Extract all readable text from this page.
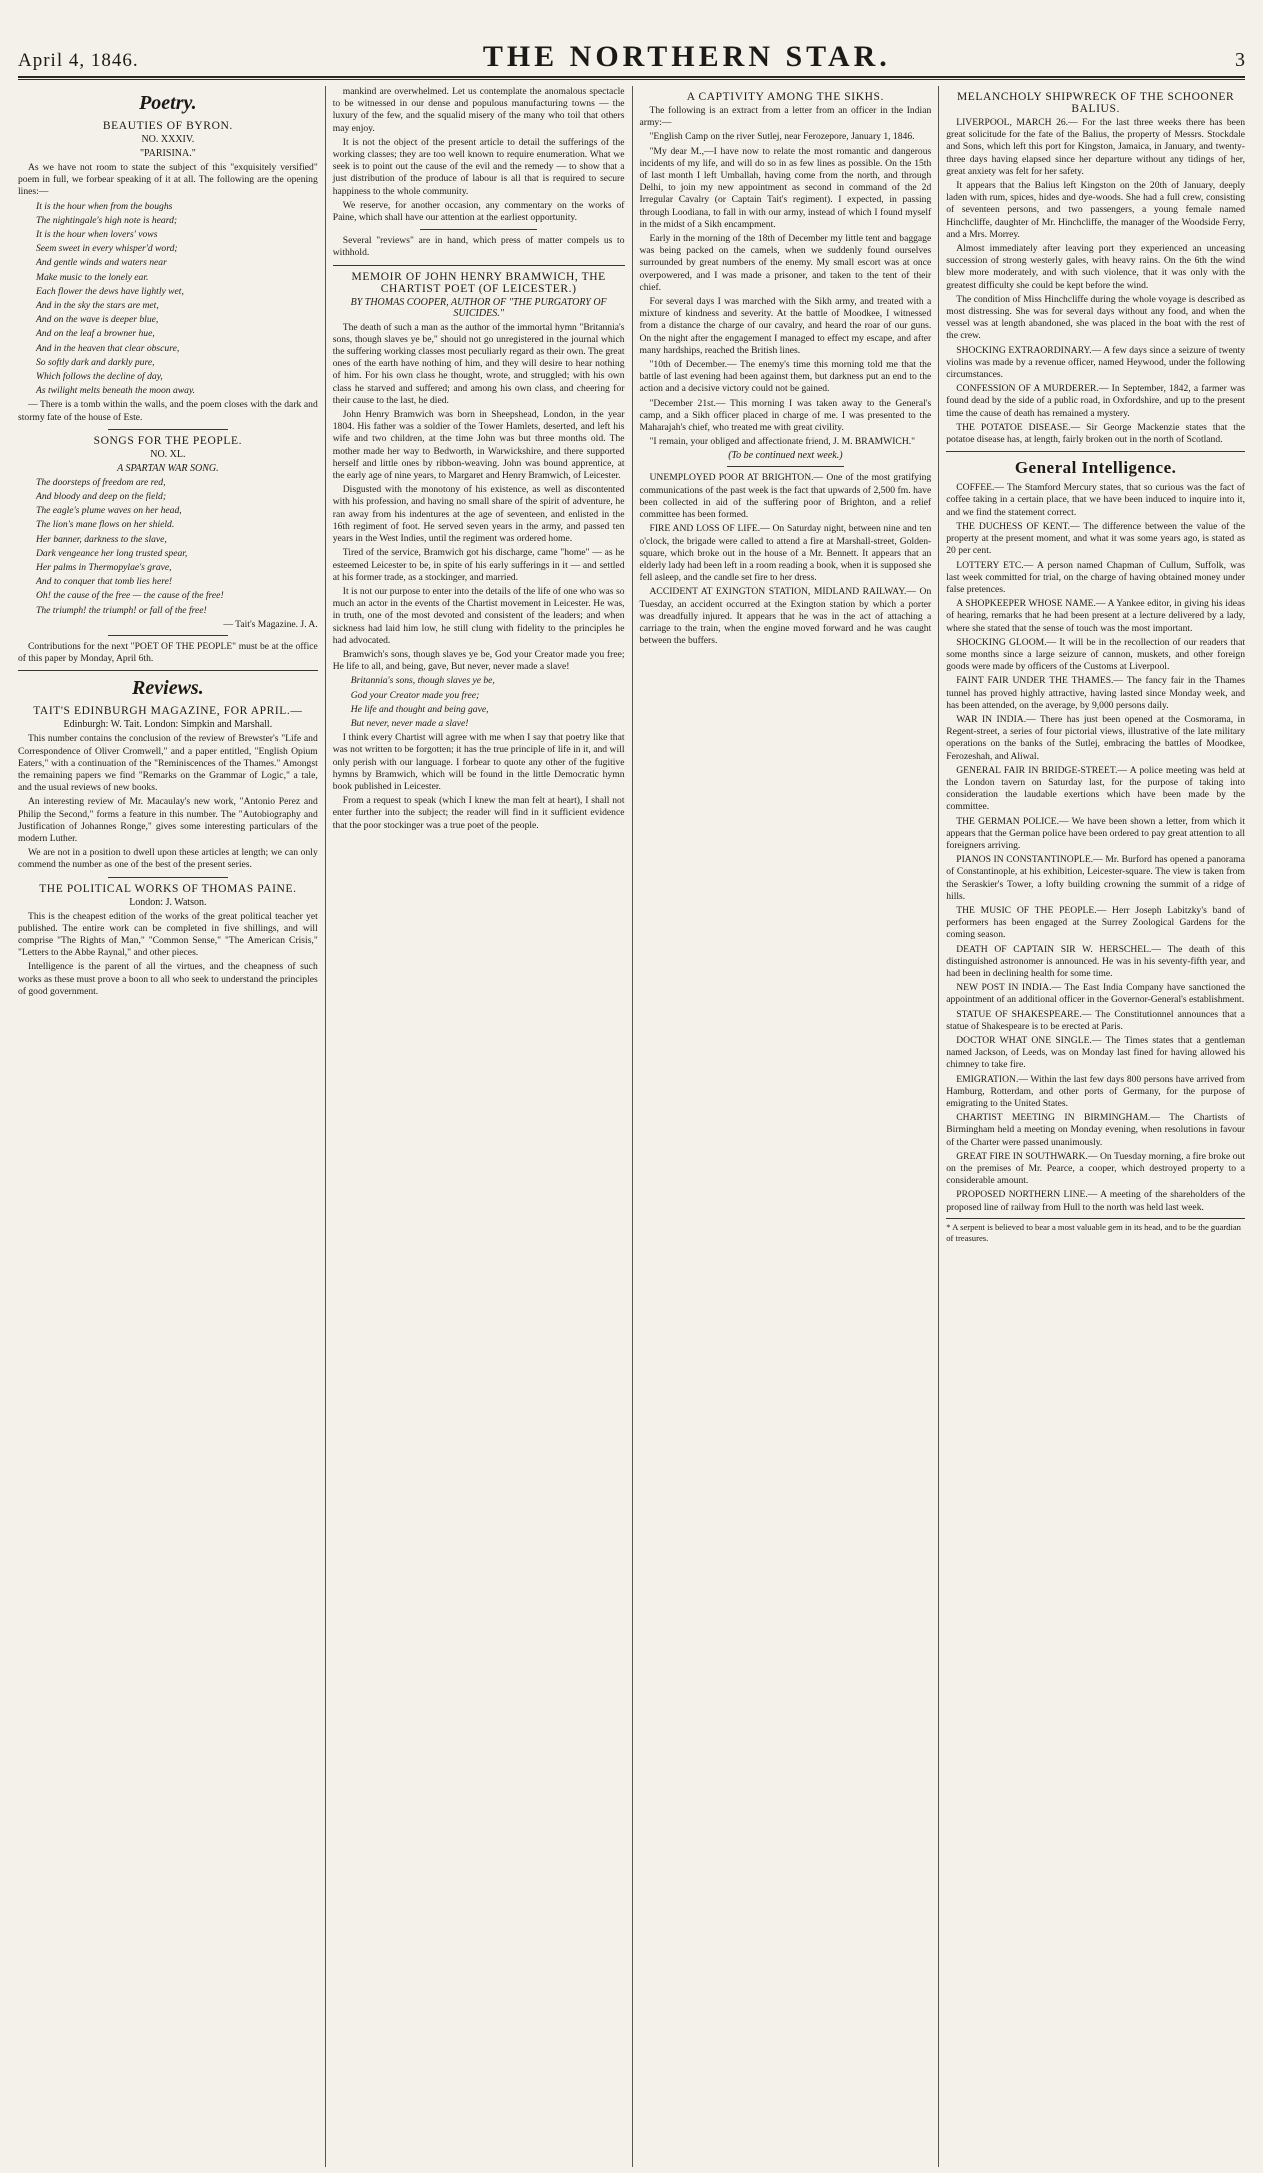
April 4, 1846.	THE NORTHERN STAR.	3
Poetry.
BEAUTIES OF BYRON.
NO. XXXIV.
"PARISINA."
As we have not room to state the subject of this "exquisitely versified" poem in full, we forbear speaking of it at all. The following are the opening lines:—
It is the hour when from the boughs
The nightingale's high note is heard;
It is the hour when lovers' vows
Seem sweet in every whisper'd word;
And gentle winds and waters near
Make music to the lonely ear.
Each flower the dews have lightly wet,
And in the sky the stars are met,
And on the wave is deeper blue,
And on the leaf a browner hue,
And in the heaven that clear obscure,
So softly dark and darkly pure,
Which follows the decline of day,
As twilight melts beneath the moon away.
— There is a tomb within the walls, and the poem closes with the dark and stormy fate of the house of Este.
SONGS FOR THE PEOPLE.
NO. XL.
A SPARTAN WAR SONG.
The doorsteps of freedom are red,
And bloody and deep on the field;
The eagle's plume waves on her head,
The lion's mane flows on her shield.
Her banner, darkness to the slave,
Dark vengeance her long trusted spear,
Her palms in Thermopylae's grave,
And to conquer that tomb lies here!
Oh! the cause of the free — the cause of the free!
The triumph! the triumph! or fall of the free!
— Tait's Magazine. J. A.
Contributions for the next "POET OF THE PEOPLE" must be at the office of this paper by Monday, April 6th.
Reviews.
TAIT'S EDINBURGH MAGAZINE, FOR APRIL.—
Edinburgh: W. Tait. London: Simpkin and Marshall.
This number contains the conclusion of the review of Brewster's "Life and Correspondence of Oliver Cromwell," and a paper entitled, "English Opium Eaters," with a continuation of the "Reminiscences of the Thames." Amongst the remaining papers we find "Remarks on the Grammar of Logic," a tale, and the usual reviews of new books.
An interesting review of Mr. Macaulay's new work, "Antonio Perez and Philip the Second," forms a feature in this number. The "Autobiography and Justification of Johannes Ronge," gives some interesting particulars of the modern Luther.
We are not in a position to dwell upon these articles at length; we can only commend the number as one of the best of the present series.
THE POLITICAL WORKS OF THOMAS PAINE.
London: J. Watson.
This is the cheapest edition of the works of the great political teacher yet published. The entire work can be completed in five shillings, and will comprise "The Rights of Man," "Common Sense," "The American Crisis," "Letters to the Abbe Raynal," and other pieces.
Intelligence is the parent of all the virtues, and the cheapness of such works as these must prove a boon to all who seek to understand the principles of good government.
mankind are overwhelmed. Let us contemplate the anomalous spectacle to be witnessed in our dense and populous manufacturing towns — the luxury of the few, and the squalid misery of the many who toil that others may enjoy.
It is not the object of the present article to detail the sufferings of the working classes; they are too well known to require enumeration. What we seek is to point out the cause of the evil and the remedy — to show that a just distribution of the produce of labour is all that is required to secure happiness to the whole community.
We reserve, for another occasion, any commentary on the works of Paine, which shall have our attention at the earliest opportunity.
Several "reviews" are in hand, which press of matter compels us to withhold.
MEMOIR OF JOHN HENRY BRAMWICH, THE CHARTIST POET (OF LEICESTER.)
BY THOMAS COOPER, AUTHOR OF "THE PURGATORY OF SUICIDES."
The death of such a man as the author of the immortal hymn "Britannia's sons, though slaves ye be," should not go unregistered in the journal which the suffering working classes most peculiarly regard as their own. The great ones of the earth have nothing of him, and they will desire to hear nothing of him. For his own class he thought, wrote, and struggled; with his own class he starved and suffered; and among his own class, and cheering for their cause to the last, he died.
John Henry Bramwich was born in Sheepshead, London, in the year 1804. His father was a soldier of the Tower Hamlets, deserted, and left his wife and two children, at the time John was but three months old. The mother made her way to Bedworth, in Warwickshire, and there supported herself and little ones by ribbon-weaving. John was bound apprentice, at the early age of nine years, to Margaret and Henry Bramwich, of Leicester.
Disgusted with the monotony of his existence, as well as discontented with his profession, and having no small share of the spirit of adventure, he ran away from his indentures at the age of seventeen, and enlisted in the 16th regiment of foot. He served seven years in the army, and passed ten years in the West Indies, until the regiment was ordered home.
Tired of the service, Bramwich got his discharge, came "home" — as he esteemed Leicester to be, in spite of his early sufferings in it — and settled at his former trade, as a stockinger, and married.
It is not our purpose to enter into the details of the life of one who was so much an actor in the events of the Chartist movement in Leicester. He was, in truth, one of the most devoted and consistent of the leaders; and when sickness had laid him low, he still clung with fidelity to the principles he had advocated.
Bramwich's sons, though slaves ye be, God your Creator made you free; He life to all, and being, gave, But never, never made a slave!
Britannia's sons, though slaves ye be,
God your Creator made you free;
He life and thought and being gave,
But never, never made a slave!
I think every Chartist will agree with me when I say that poetry like that was not written to be forgotten; it has the true principle of life in it, and will only perish with our language. I forbear to quote any other of the fugitive hymns by Bramwich, which will be found in the little Democratic hymn book published in Leicester.
From a request to speak (which I knew the man felt at heart), I shall not enter further into the subject; the reader will find in it sufficient evidence that the poor stockinger was a true poet of the people.
A CAPTIVITY AMONG THE SIKHS.
The following is an extract from a letter from an officer in the Indian army:—
"English Camp on the river Sutlej, near Ferozepore, January 1, 1846.
"My dear M.,—I have now to relate the most romantic and dangerous incidents of my life, and will do so in as few lines as possible. On the 15th of last month I left Umballah, having come from the north, and through Delhi, to join my new appointment as second in command of the 2d Irregular Cavalry (or Captain Tait's regiment). I expected, in passing through Loodiana, to fall in with our army, instead of which I found myself in the midst of a Sikh encampment.
Early in the morning of the 18th of December my little tent and baggage was being packed on the camels, when we suddenly found ourselves surrounded by great numbers of the enemy. My small escort was at once overpowered, and I was made a prisoner, and taken to the tent of their chief.
For several days I was marched with the Sikh army, and treated with a mixture of kindness and severity. At the battle of Moodkee, I witnessed from a distance the charge of our cavalry, and heard the roar of our guns. On the night after the engagement I managed to effect my escape, and after many hardships, reached the British lines.
"10th of December.— The enemy's time this morning told me that the battle of last evening had been against them, but darkness put an end to the action and a decisive victory could not be gained.
"December 21st.— This morning I was taken away to the General's camp, and a Sikh officer placed in charge of me. I was presented to the Maharajah's chief, who treated me with great civility.
"I remain, your obliged and affectionate friend, J. M. BRAMWICH."
(To be continued next week.)
UNEMPLOYED POOR AT BRIGHTON.— One of the most gratifying communications of the past week is the fact that upwards of 2,500 fm. have been collected in aid of the suffering poor of Brighton, and a relief committee has been formed.
FIRE AND LOSS OF LIFE.— On Saturday night, between nine and ten o'clock, the brigade were called to attend a fire at Marshall-street, Golden-square, which broke out in the house of a Mr. Bennett. It appears that an elderly lady had been left in a room reading a book, when it is supposed she fell asleep, and the candle set fire to her dress.
ACCIDENT AT EXINGTON STATION, MIDLAND RAILWAY.— On Tuesday, an accident occurred at the Exington station by which a porter was dreadfully injured. It appears that he was in the act of attaching a carriage to the train, when the engine moved forward and he was caught between the buffers.
MELANCHOLY SHIPWRECK OF THE SCHOONER BALIUS.
LIVERPOOL, MARCH 26.— For the last three weeks there has been great solicitude for the fate of the Balius, the property of Messrs. Stockdale and Sons, which left this port for Kingston, Jamaica, in January, and twenty-three days having elapsed since her departure without any tidings of her, great anxiety was felt for her safety.
It appears that the Balius left Kingston on the 20th of January, deeply laden with rum, spices, hides and dye-woods. She had a full crew, consisting of seventeen persons, and two passengers, a young female named Hinchcliffe, daughter of Mr. Hinchcliffe, the manager of the Woodside Ferry, and a Mrs. Morrey.
Almost immediately after leaving port they experienced an unceasing succession of strong westerly gales, with heavy rains. On the 6th the wind blew more moderately, and with such violence, that it was only with the greatest difficulty she could be kept before the wind.
The condition of Miss Hinchcliffe during the whole voyage is described as most distressing. She was for several days without any food, and when the vessel was at length abandoned, she was placed in the boat with the rest of the crew.
SHOCKING EXTRAORDINARY.— A few days since a seizure of twenty violins was made by a revenue officer, named Heywood, under the following circumstances.
CONFESSION OF A MURDERER.— In September, 1842, a farmer was found dead by the side of a public road, in Oxfordshire, and up to the present time the cause of death has remained a mystery.
THE POTATOE DISEASE.— Sir George Mackenzie states that the potatoe disease has, at length, fairly broken out in the north of Scotland.
General Intelligence.
COFFEE.— The Stamford Mercury states, that so curious was the fact of coffee taking in a certain place, that we have been induced to inquire into it, and we find the statement correct.
THE DUCHESS OF KENT.— The difference between the value of the property at the present moment, and what it was some years ago, is stated as 20 per cent.
LOTTERY ETC.— A person named Chapman of Cullum, Suffolk, was last week committed for trial, on the charge of having obtained money under false pretences.
A SHOPKEEPER WHOSE NAME.— A Yankee editor, in giving his ideas of hearing, remarks that he had been present at a lecture delivered by a lady, where she stated that the sense of touch was the most important.
SHOCKING GLOOM.— It will be in the recollection of our readers that some months since a large seizure of cannon, muskets, and other foreign goods were made by officers of the Customs at Liverpool.
FAINT FAIR UNDER THE THAMES.— The fancy fair in the Thames tunnel has proved highly attractive, having lasted since Monday week, and has been attended, on the average, by 9,000 persons daily.
WAR IN INDIA.— There has just been opened at the Cosmorama, in Regent-street, a series of four pictorial views, illustrative of the late military operations on the banks of the Sutlej, embracing the battles of Moodkee, Ferozeshah, and Aliwal.
GENERAL FAIR IN BRIDGE-STREET.— A police meeting was held at the London tavern on Saturday last, for the purpose of taking into consideration the laudable exertions which have been made by the committee.
THE GERMAN POLICE.— We have been shown a letter, from which it appears that the German police have been ordered to pay great attention to all foreigners arriving.
PIANOS IN CONSTANTINOPLE.— Mr. Burford has opened a panorama of Constantinople, at his exhibition, Leicester-square. The view is taken from the Seraskier's Tower, a lofty building crowning the summit of a ridge of hills.
THE MUSIC OF THE PEOPLE.— Herr Joseph Labitzky's band of performers has been engaged at the Surrey Zoological Gardens for the coming season.
DEATH OF CAPTAIN SIR W. HERSCHEL.— The death of this distinguished astronomer is announced. He was in his seventy-fifth year, and had been in declining health for some time.
NEW POST IN INDIA.— The East India Company have sanctioned the appointment of an additional officer in the Governor-General's establishment.
STATUE OF SHAKESPEARE.— The Constitutionnel announces that a statue of Shakespeare is to be erected at Paris.
DOCTOR WHAT ONE SINGLE.— The Times states that a gentleman named Jackson, of Leeds, was on Monday last fined for having allowed his chimney to take fire.
EMIGRATION.— Within the last few days 800 persons have arrived from Hamburg, Rotterdam, and other ports of Germany, for the purpose of emigrating to the United States.
CHARTIST MEETING IN BIRMINGHAM.— The Chartists of Birmingham held a meeting on Monday evening, when resolutions in favour of the Charter were passed unanimously.
GREAT FIRE IN SOUTHWARK.— On Tuesday morning, a fire broke out on the premises of Mr. Pearce, a cooper, which destroyed property to a considerable amount.
PROPOSED NORTHERN LINE.— A meeting of the shareholders of the proposed line of railway from Hull to the north was held last week.
* A serpent is believed to bear a most valuable gem in its head, and to be the guardian of treasures.
